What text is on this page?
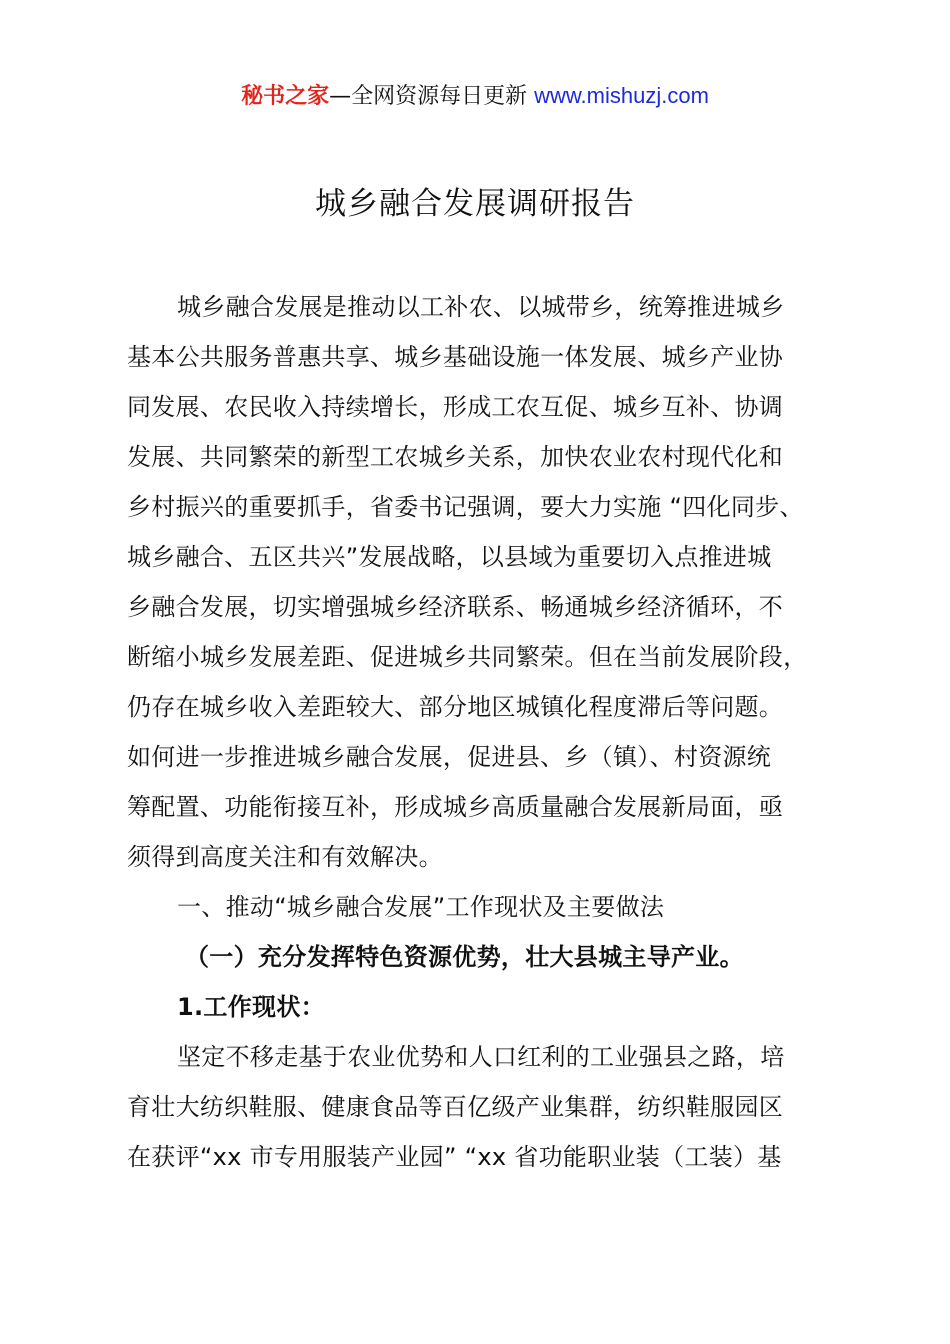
秘书之家—全网资源每日更新 www.mishuzj.com
城乡融合发展调研报告
城乡融合发展是推动以工补农、以城带乡，统筹推进城乡
基本公共服务普惠共享、城乡基础设施一体发展、城乡产业协
同发展、农民收入持续增长，形成工农互促、城乡互补、协调
发展、共同繁荣的新型工农城乡关系，加快农业农村现代化和
乡村振兴的重要抓手，省委书记强调，要大力实施 “四化同步、
城乡融合、五区共兴”发展战略，以县域为重要切入点推进城
乡融合发展，切实增强城乡经济联系、畅通城乡经济循环，不
断缩小城乡发展差距、促进城乡共同繁荣。但在当前发展阶段，
仍存在城乡收入差距较大、部分地区城镇化程度滞后等问题。
如何进一步推进城乡融合发展，促进县、乡（镇）、村资源统
筹配置、功能衔接互补，形成城乡高质量融合发展新局面，亟
须得到高度关注和有效解决。
一、推动“城乡融合发展”工作现状及主要做法
（一）充分发挥特色资源优势，壮大县城主导产业。
1.工作现状：
坚定不移走基于农业优势和人口红利的工业强县之路，培
育壮大纺织鞋服、健康食品等百亿级产业集群，纺织鞋服园区
在获评“xx 市专用服装产业园” “xx 省功能职业装（工装）基
